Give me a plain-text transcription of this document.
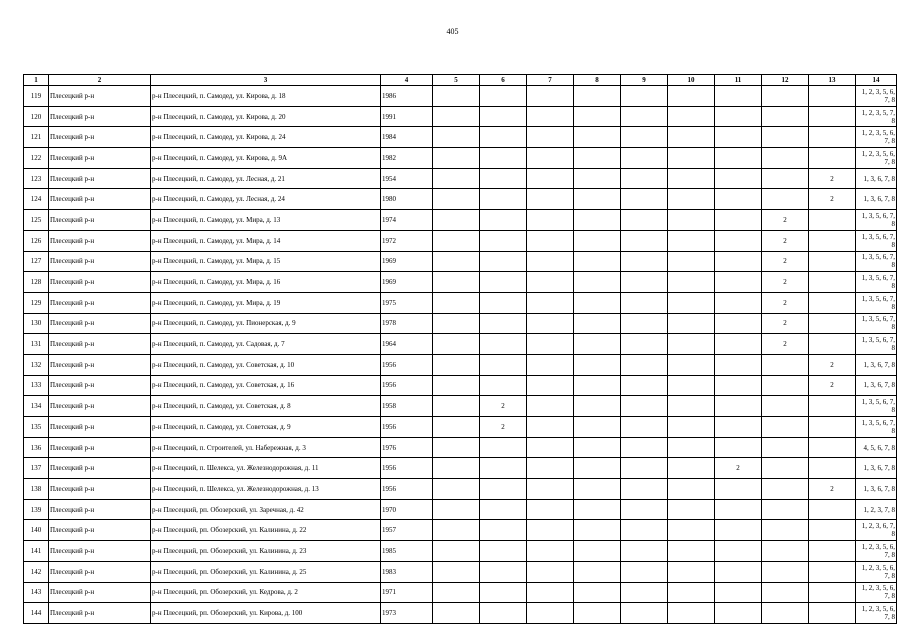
405
1	2	3	4	5	6	7	8	9	10	11	12	13	14
119	Плесецкий р-н	р-н Плесецкий, п. Самодед, ул. Кирова, д. 18	1986										1, 2, 3, 5, 6, 7, 8
120	Плесецкий р-н	р-н Плесецкий, п. Самодед, ул. Кирова, д. 20	1991										1, 2, 3, 5, 7, 8
121	Плесецкий р-н	р-н Плесецкий, п. Самодед, ул. Кирова, д. 24	1984										1, 2, 3, 5, 6, 7, 8
122	Плесецкий р-н	р-н Плесецкий, п. Самодед, ул. Кирова, д. 9А	1982										1, 2, 3, 5, 6, 7, 8
123	Плесецкий р-н	р-н Плесецкий, п. Самодед, ул. Лесная, д. 21	1954									2	1, 3, 6, 7, 8
124	Плесецкий р-н	р-н Плесецкий, п. Самодед, ул. Лесная, д. 24	1980									2	1, 3, 6, 7, 8
125	Плесецкий р-н	р-н Плесецкий, п. Самодед, ул. Мира, д. 13	1974								2		1, 3, 5, 6, 7, 8
126	Плесецкий р-н	р-н Плесецкий, п. Самодед, ул. Мира, д. 14	1972								2		1, 3, 5, 6, 7, 8
127	Плесецкий р-н	р-н Плесецкий, п. Самодед, ул. Мира, д. 15	1969								2		1, 3, 5, 6, 7, 8
128	Плесецкий р-н	р-н Плесецкий, п. Самодед, ул. Мира, д. 16	1969								2		1, 3, 5, 6, 7, 8
129	Плесецкий р-н	р-н Плесецкий, п. Самодед, ул. Мира, д. 19	1975								2		1, 3, 5, 6, 7, 8
130	Плесецкий р-н	р-н Плесецкий, п. Самодед, ул. Пионерская, д. 9	1978								2		1, 3, 5, 6, 7, 8
131	Плесецкий р-н	р-н Плесецкий, п. Самодед, ул. Садовая, д. 7	1964								2		1, 3, 5, 6, 7, 8
132	Плесецкий р-н	р-н Плесецкий, п. Самодед, ул. Советская, д. 10	1956									2	1, 3, 6, 7, 8
133	Плесецкий р-н	р-н Плесецкий, п. Самодед, ул. Советская, д. 16	1956									2	1, 3, 6, 7, 8
134	Плесецкий р-н	р-н Плесецкий, п. Самодед, ул. Советская, д. 8	1958		2								1, 3, 5, 6, 7, 8
135	Плесецкий р-н	р-н Плесецкий, п. Самодед, ул. Советская, д. 9	1956		2								1, 3, 5, 6, 7, 8
136	Плесецкий р-н	р-н Плесецкий, п. Строителей, ул. Набережная, д. 3	1976										4, 5, 6, 7, 8
137	Плесецкий р-н	р-н Плесецкий, п. Шелекса, ул. Железнодорожная, д. 11	1956							2			1, 3, 6, 7, 8
138	Плесецкий р-н	р-н Плесецкий, п. Шелекса, ул. Железнодорожная, д. 13	1956									2	1, 3, 6, 7, 8
139	Плесецкий р-н	р-н Плесецкий, рп. Обозерский, ул. Заречная, д. 42	1970										1, 2, 3, 7, 8
140	Плесецкий р-н	р-н Плесецкий, рп. Обозерский, ул. Калинина, д. 22	1957										1, 2, 3, 6, 7, 8
141	Плесецкий р-н	р-н Плесецкий, рп. Обозерский, ул. Калинина, д. 23	1985										1, 2, 3, 5, 6, 7, 8
142	Плесецкий р-н	р-н Плесецкий, рп. Обозерский, ул. Калинина, д. 25	1983										1, 2, 3, 5, 6, 7, 8
143	Плесецкий р-н	р-н Плесецкий, рп. Обозерский, ул. Кедрова, д. 2	1971										1, 2, 3, 5, 6, 7, 8
144	Плесецкий р-н	р-н Плесецкий, рп. Обозерский, ул. Кирова, д. 100	1973										1, 2, 3, 5, 6, 7, 8
